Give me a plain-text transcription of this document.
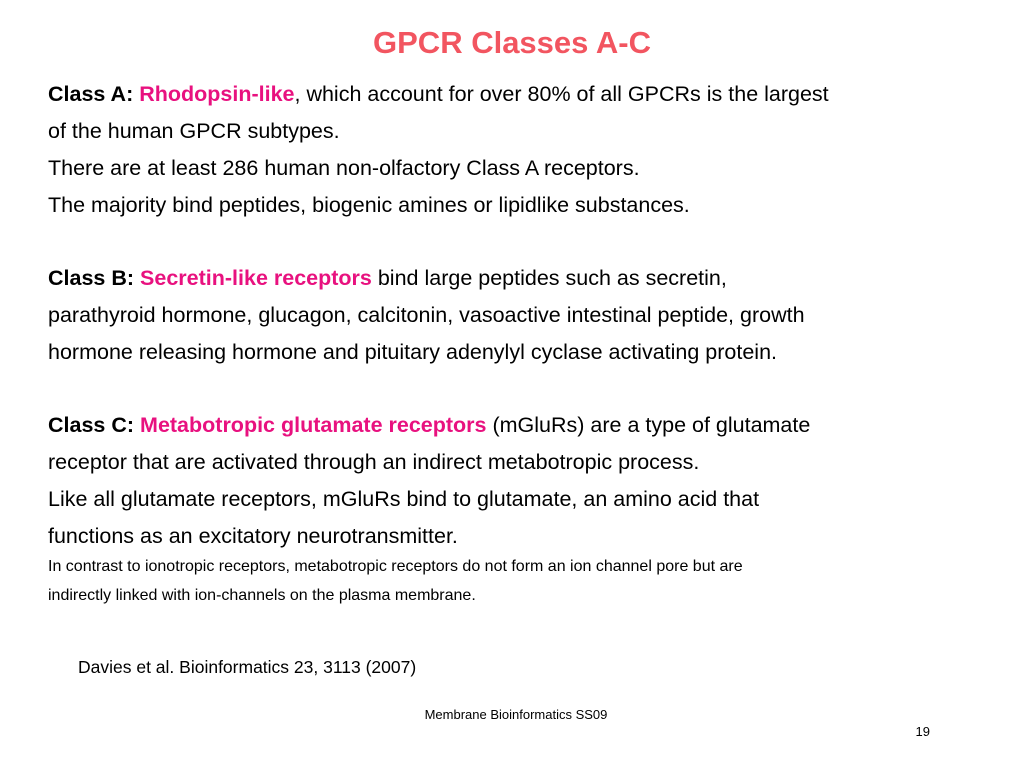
GPCR Classes A-C

Class A: Rhodopsin-like, which account for over 80% of all GPCRs is the largest

of the human GPCR subtypes.

There are at least 286 human non-olfactory Class A receptors.

The majority bind peptides, biogenic amines or lipidlike substances.

Class B: Secretin-like receptors bind large peptides such as secretin,

parathyroid hormone, glucagon, calcitonin, vasoactive intestinal peptide, growth

hormone releasing hormone and pituitary adenylyl cyclase activating protein.

Class C: Metabotropic glutamate receptors (mGluRs) are a type of glutamate

receptor that are activated through an indirect metabotropic process.

Like all glutamate receptors, mGluRs bind to glutamate, an amino acid that

functions as an excitatory neurotransmitter.

In contrast to ionotropic receptors, metabotropic receptors do not form an ion channel pore but are

indirectly linked with ion-channels on the plasma membrane.

Davies et al. Bioinformatics 23, 3113 (2007)
Membrane Bioinformatics SS09
19
